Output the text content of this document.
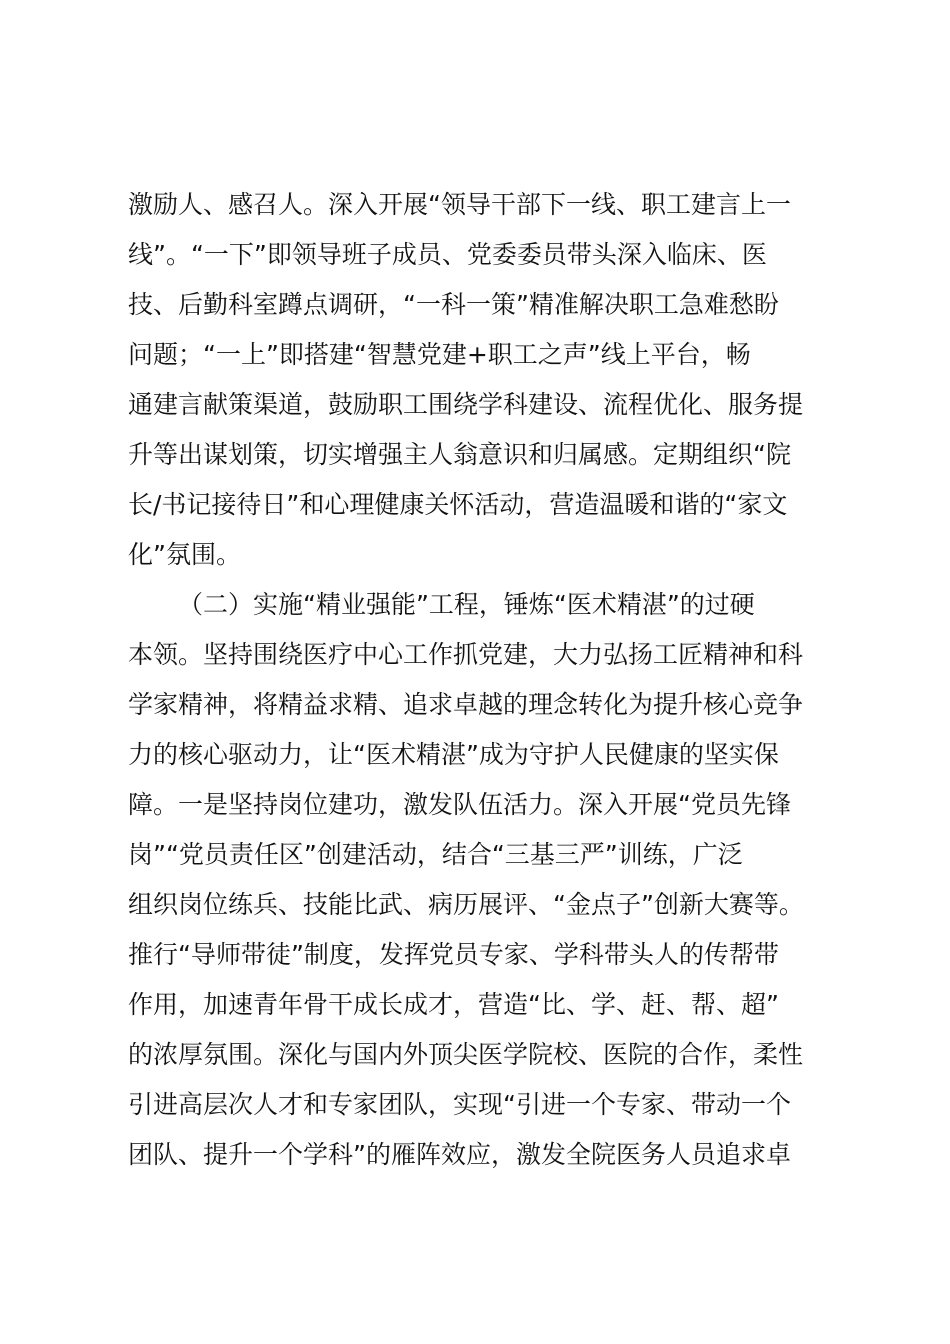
激励人、感召人。深入开展“领导干部下一线、职工建言上一
线”。“一下”即领导班子成员、党委委员带头深入临床、医
技、后勤科室蹲点调研，“一科一策”精准解决职工急难愁盼
问题；“一上”即搭建“智慧党建+职工之声”线上平台，畅
通建言献策渠道，鼓励职工围绕学科建设、流程优化、服务提
升等出谋划策，切实增强主人翁意识和归属感。定期组织“院
长/书记接待日”和心理健康关怀活动，营造温暖和谐的“家文
化”氛围。
（二）实施“精业强能”工程，锤炼“医术精湛”的过硬
本领。坚持围绕医疗中心工作抓党建，大力弘扬工匠精神和科
学家精神，将精益求精、追求卓越的理念转化为提升核心竞争
力的核心驱动力，让“医术精湛”成为守护人民健康的坚实保
障。一是坚持岗位建功，激发队伍活力。深入开展“党员先锋
岗”“党员责任区”创建活动，结合“三基三严”训练，广泛
组织岗位练兵、技能比武、病历展评、“金点子”创新大赛等。
推行“导师带徒”制度，发挥党员专家、学科带头人的传帮带
作用，加速青年骨干成长成才，营造“比、学、赶、帮、超”
的浓厚氛围。深化与国内外顶尖医学院校、医院的合作，柔性
引进高层次人才和专家团队，实现“引进一个专家、带动一个
团队、提升一个学科”的雁阵效应，激发全院医务人员追求卓
